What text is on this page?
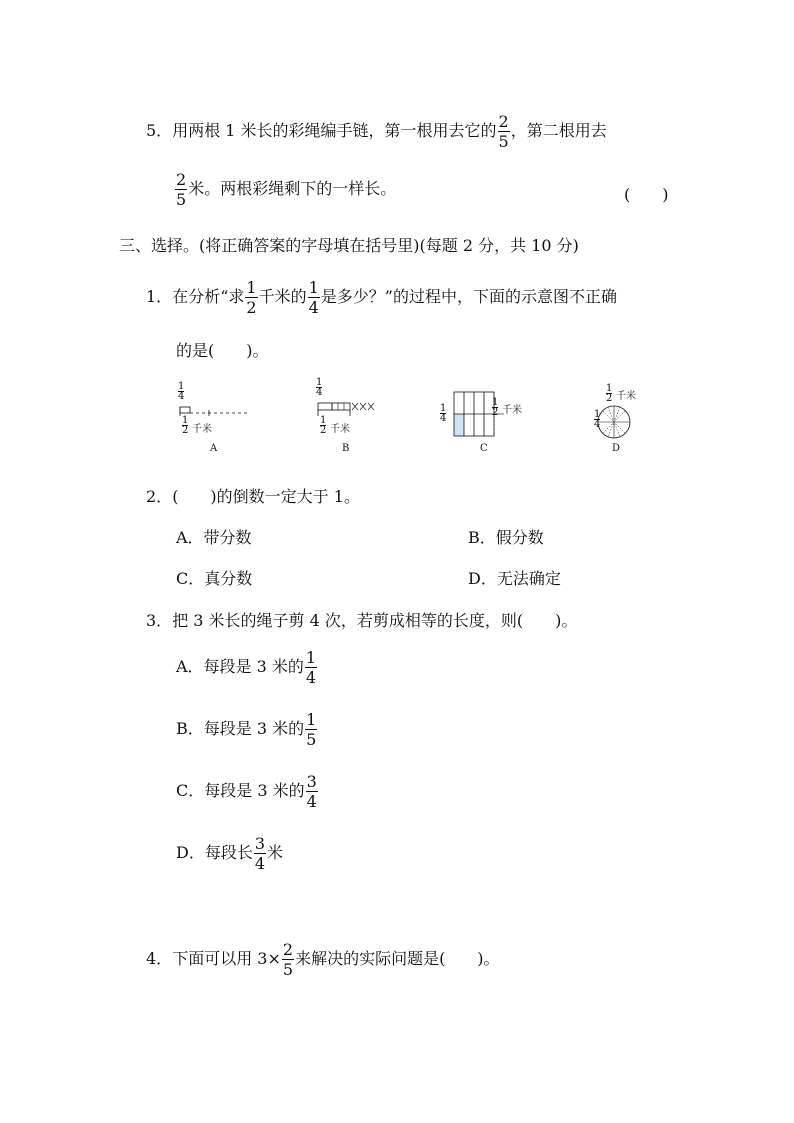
5．用两根 1 米长的彩绳编手链，第一根用去它的 $\frac{2}{5}$ ，第二根用去
$\frac{2}{5}$ 米。两根彩绳剩下的一样长。	(　　)
三、选择。(将正确答案的字母填在括号里)(每题 2 分，共 10 分)
1．在分析“求 $\frac{1}{2}$ 千米的 $\frac{1}{4}$ 是多少？”的过程中，下面的示意图不正确
的是(　　)。
1
4
1
2 千米
A
1
4
1
2 千米
B
1
4
1
2 千米
C
1
2 千米
1
4
D
2．(　　)的倒数一定大于 1。
A．带分数	B．假分数
C．真分数	D．无法确定
3．把 3 米长的绳子剪 4 次，若剪成相等的长度，则(　　)。
A．每段是 3 米的 $\frac{1}{4}$
B．每段是 3 米的 $\frac{1}{5}$
C．每段是 3 米的 $\frac{3}{4}$
D．每段长 $\frac{3}{4}$ 米
4．下面可以用 $3\times \frac{2}{5}$ 来解决的实际问题是(　　)。
